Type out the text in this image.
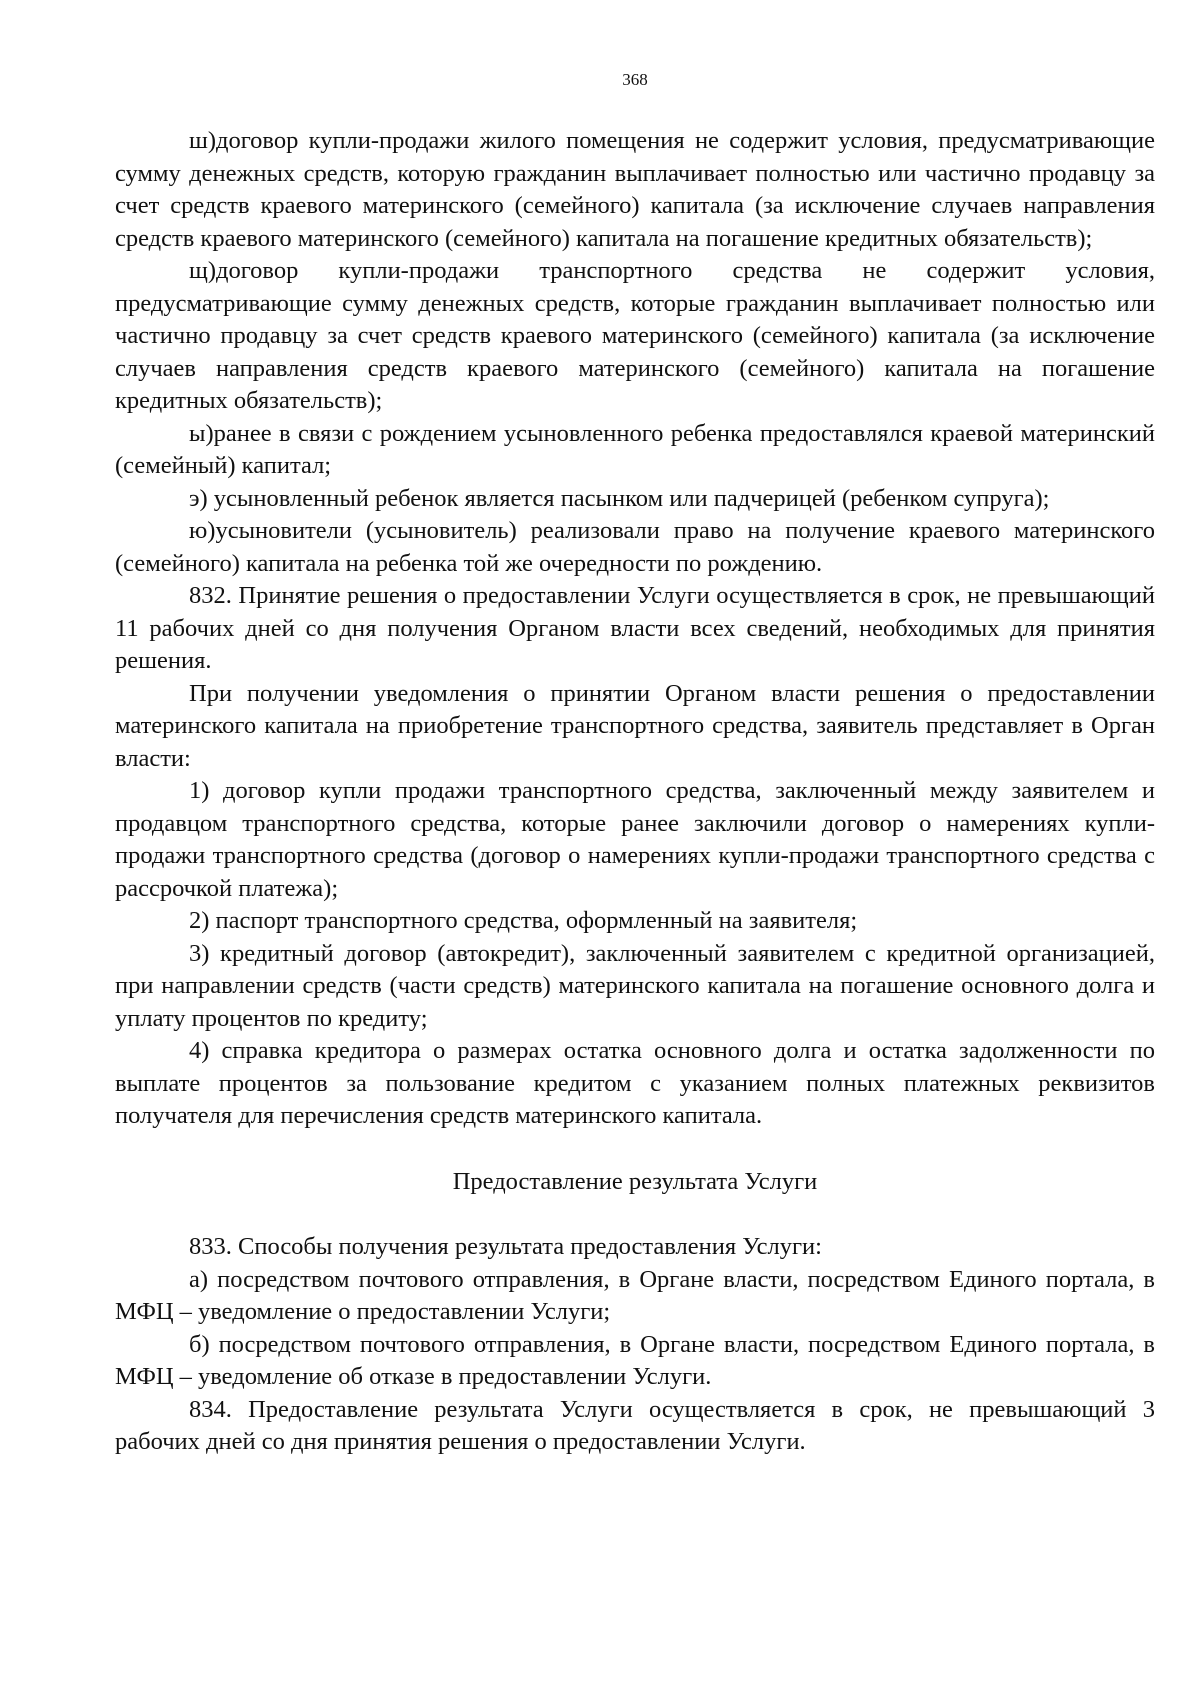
368

ш)договор купли-продажи жилого помещения не содержит условия, предусматривающие сумму денежных средств, которую гражданин выплачивает полностью или частично продавцу за счет средств краевого материнского (семейного) капитала (за исключение случаев направления средств краевого материнского (семейного) капитала на погашение кредитных обязательств);

щ)договор купли-продажи транспортного средства не содержит условия, предусматривающие сумму денежных средств, которые гражданин выплачивает полностью или частично продавцу за счет средств краевого материнского (семейного) капитала (за исключение случаев направления средств краевого материнского (семейного) капитала на погашение кредитных обязательств);

ы)ранее в связи с рождением усыновленного ребенка предоставлялся краевой материнский (семейный) капитал;

э) усыновленный ребенок является пасынком или падчерицей (ребенком супруга);

ю)усыновители (усыновитель) реализовали право на получение краевого материнского (семейного) капитала на ребенка той же очередности по рождению.

832. Принятие решения о предоставлении Услуги осуществляется в срок, не превышающий 11 рабочих дней со дня получения Органом власти всех сведений, необходимых для принятия решения.

При получении уведомления о принятии Органом власти решения о предоставлении материнского капитала на приобретение транспортного средства, заявитель представляет в Орган власти:

1) договор купли продажи транспортного средства, заключенный между заявителем и продавцом транспортного средства, которые ранее заключили договор о намерениях купли-продажи транспортного средства (договор о намерениях купли-продажи транспортного средства с рассрочкой платежа);

2) паспорт транспортного средства, оформленный на заявителя;

3) кредитный договор (автокредит), заключенный заявителем с кредитной организацией, при направлении средств (части средств) материнского капитала на погашение основного долга и уплату процентов по кредиту;

4) справка кредитора о размерах остатка основного долга и остатка задолженности по выплате процентов за пользование кредитом с указанием полных платежных реквизитов получателя для перечисления средств материнского капитала.

Предоставление результата Услуги

833. Способы получения результата предоставления Услуги:

а) посредством почтового отправления, в Органе власти, посредством Единого портала, в МФЦ – уведомление о предоставлении Услуги;

б) посредством почтового отправления, в Органе власти, посредством Единого портала, в МФЦ – уведомление об отказе в предоставлении Услуги.

834. Предоставление результата Услуги осуществляется в срок, не превышающий 3 рабочих дней со дня принятия решения о предоставлении Услуги.
